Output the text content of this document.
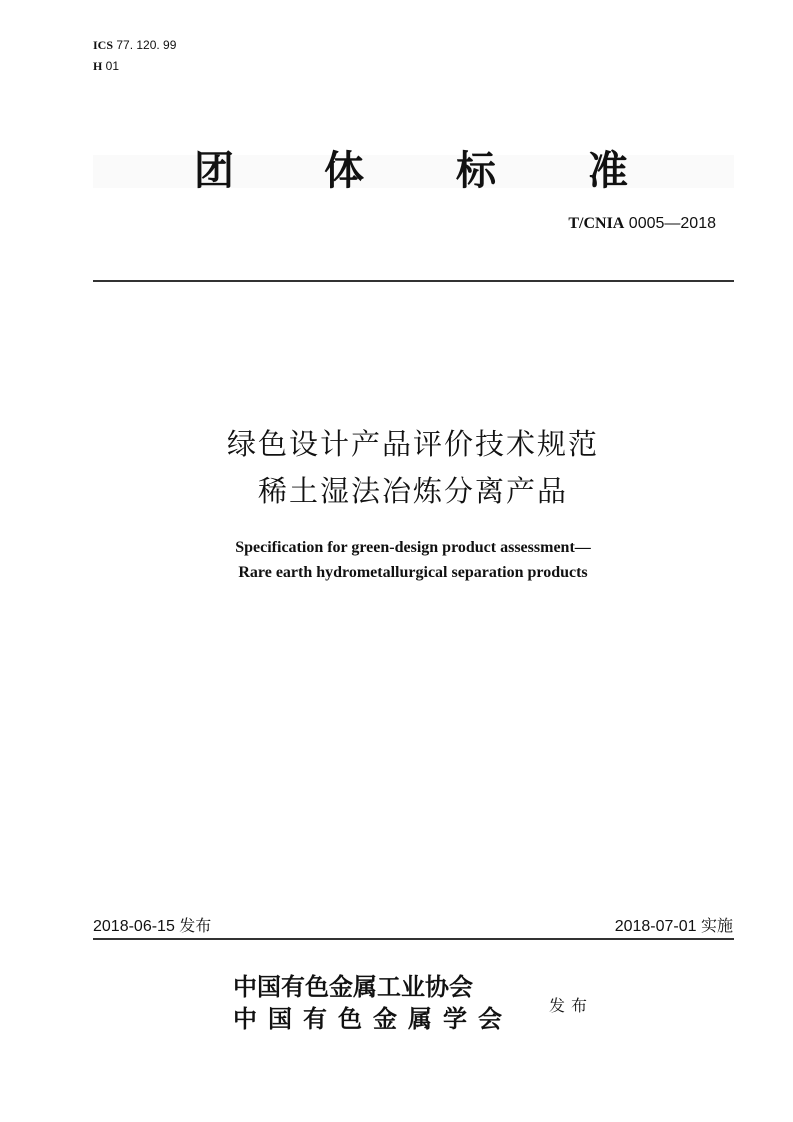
ICS 77. 120. 99
H 01
团 体 标 准
T/CNIA 0005—2018
绿色设计产品评价技术规范
稀土湿法冶炼分离产品
Specification for green-design product assessment—
Rare earth hydrometallurgical separation products
2018-06-15 发布	2018-07-01 实施
中国有色金属工业协会
中国有色金属学会 发布
